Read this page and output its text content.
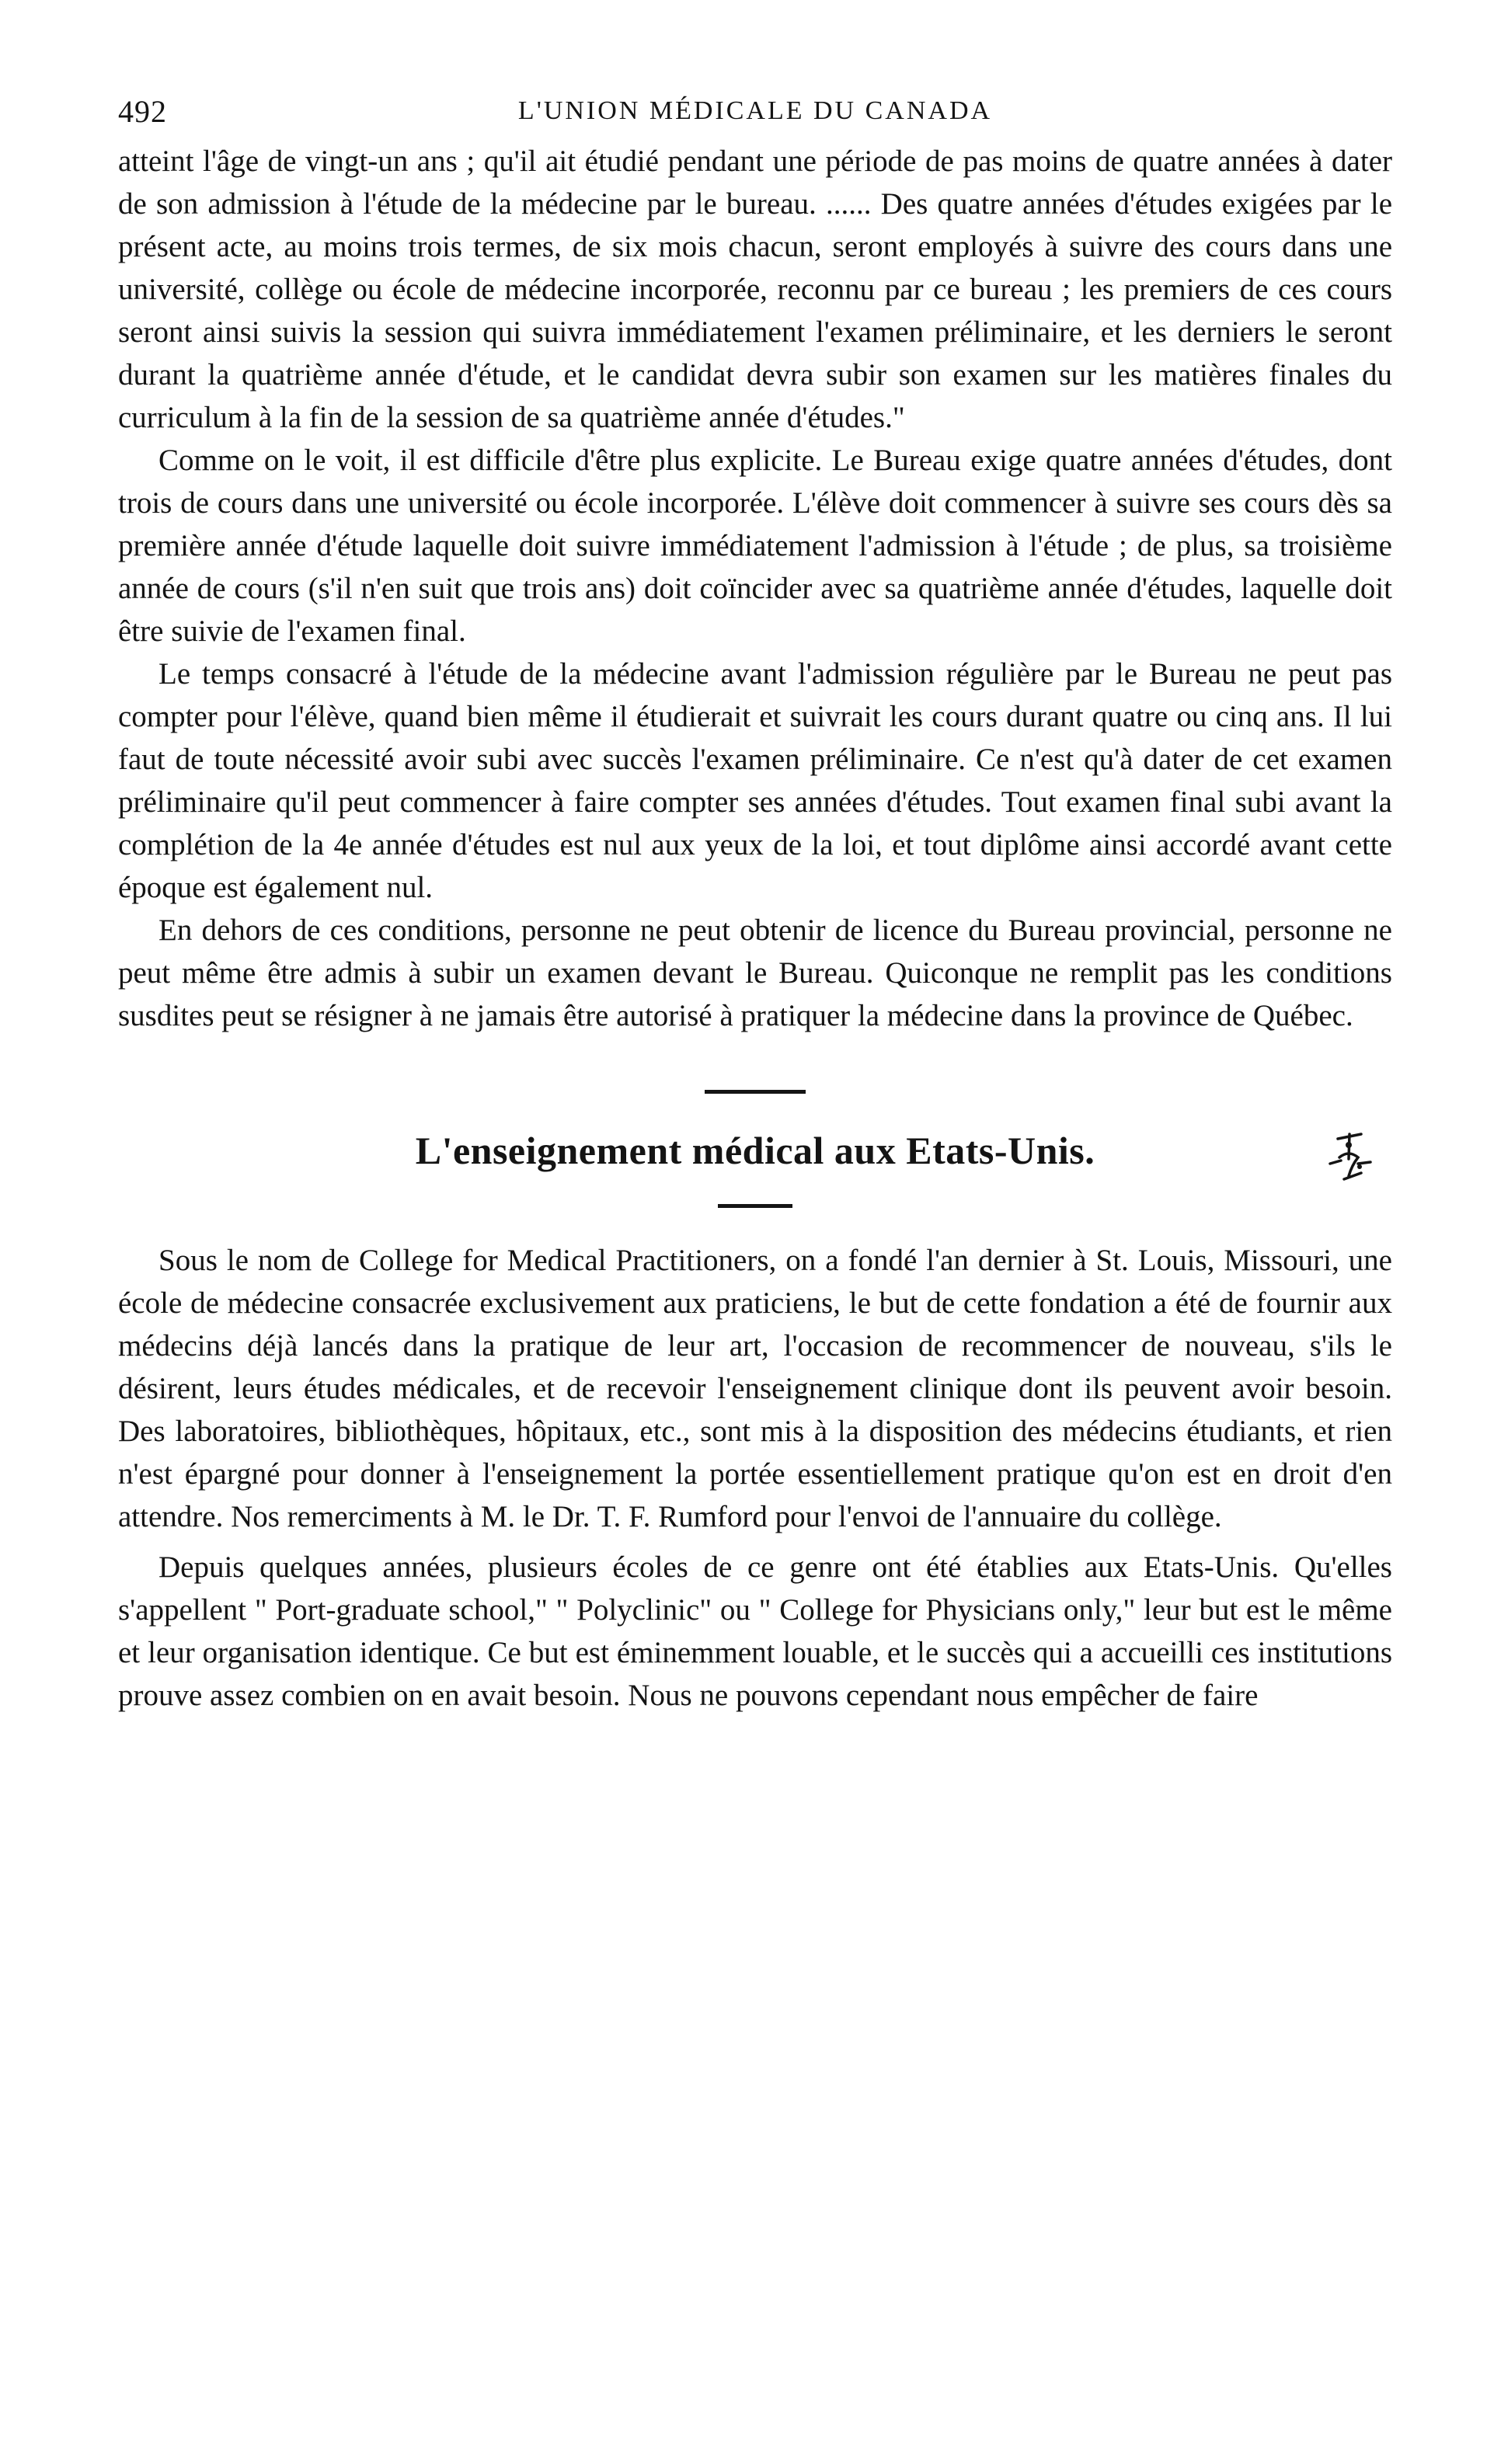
492	L'UNION MÉDICALE DU CANADA

atteint l'âge de vingt-un ans ; qu'il ait étudié pendant une période de pas moins de quatre années à dater de son admission à l'étude de la médecine par le bureau. ...... Des quatre années d'études exigées par le présent acte, au moins trois termes, de six mois chacun, seront employés à suivre des cours dans une université, collège ou école de médecine incorporée, reconnu par ce bureau ; les premiers de ces cours seront ainsi suivis la session qui suivra immédiatement l'examen préliminaire, et les derniers le seront durant la quatrième année d'étude, et le candidat devra subir son examen sur les matières finales du curriculum à la fin de la session de sa quatrième année d'études."

Comme on le voit, il est difficile d'être plus explicite. Le Bureau exige quatre années d'études, dont trois de cours dans une université ou école incorporée. L'élève doit commencer à suivre ses cours dès sa première année d'étude laquelle doit suivre immédiatement l'admission à l'étude ; de plus, sa troisième année de cours (s'il n'en suit que trois ans) doit coïncider avec sa quatrième année d'études, laquelle doit être suivie de l'examen final.

Le temps consacré à l'étude de la médecine avant l'admission régulière par le Bureau ne peut pas compter pour l'élève, quand bien même il étudierait et suivrait les cours durant quatre ou cinq ans. Il lui faut de toute nécessité avoir subi avec succès l'examen préliminaire. Ce n'est qu'à dater de cet examen préliminaire qu'il peut commencer à faire compter ses années d'études. Tout examen final subi avant la complétion de la 4e année d'études est nul aux yeux de la loi, et tout diplôme ainsi accordé avant cette époque est également nul.

En dehors de ces conditions, personne ne peut obtenir de licence du Bureau provincial, personne ne peut même être admis à subir un examen devant le Bureau. Quiconque ne remplit pas les conditions susdites peut se résigner à ne jamais être autorisé à pratiquer la médecine dans la province de Québec.

L'enseignement médical aux Etats-Unis.

Sous le nom de College for Medical Practitioners, on a fondé l'an dernier à St. Louis, Missouri, une école de médecine consacrée exclusivement aux praticiens, le but de cette fondation a été de fournir aux médecins déjà lancés dans la pratique de leur art, l'occasion de recommencer de nouveau, s'ils le désirent, leurs études médicales, et de recevoir l'enseignement clinique dont ils peuvent avoir besoin. Des laboratoires, bibliothèques, hôpitaux, etc., sont mis à la disposition des médecins étudiants, et rien n'est épargné pour donner à l'enseignement la portée essentiellement pratique qu'on est en droit d'en attendre. Nos remerciments à M. le Dr. T. F. Rumford pour l'envoi de l'annuaire du collège.

Depuis quelques années, plusieurs écoles de ce genre ont été établies aux Etats-Unis. Qu'elles s'appellent " Port-graduate school," " Polyclinic" ou " College for Physicians only," leur but est le même et leur organisation identique. Ce but est éminemment louable, et le succès qui a accueilli ces institutions prouve assez combien on en avait besoin. Nous ne pouvons cependant nous empêcher de faire
